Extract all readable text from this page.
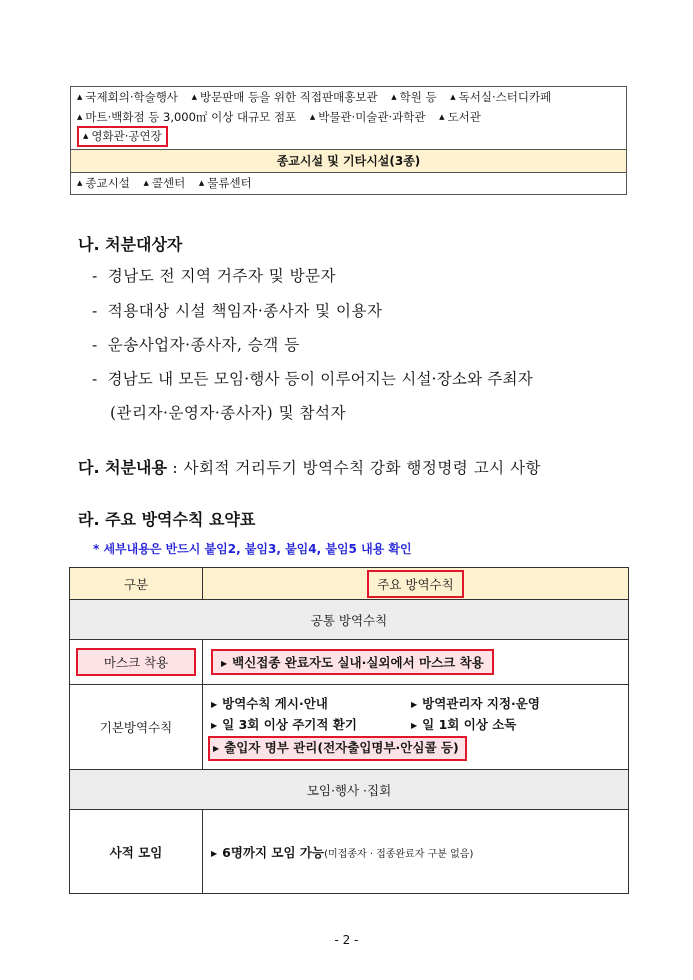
▲ 국제회의·학술행사 ▲ 방문판매 등을 위한 직접판매홍보관 ▲ 학원 등 ▲ 독서실·스터디카페
▲ 마트·백화점 등 3,000㎡ 이상 대규모 점포 ▲ 박물관·미술관·과학관 ▲ 도서관
▲ 영화관·공연장
종교시설 및 기타시설(3종)
▲ 종교시설 ▲ 콜센터 ▲ 물류센터
나. 처분대상자
- 경남도 전 지역 거주자 및 방문자
- 적용대상 시설 책임자·종사자 및 이용자
- 운송사업자·종사자, 승객 등
- 경남도 내 모든 모임·행사 등이 이루어지는 시설·장소와 주최자
(관리자·운영자·종사자) 및 참석자
다. 처분내용 : 사회적 거리두기 방역수칙 강화 행정명령 고시 사항
라. 주요 방역수칙 요약표
* 세부내용은 반드시 붙임2, 붙임3, 붙임4, 붙임5 내용 확인
구분	주요 방역수칙
공통 방역수칙	

마스크 착용	▶ 백신접종 완료자도 실내·실외에서 마스크 착용
기본방역수칙	▶ 방역수칙 게시·안내 ▶ 방역관리자 지정·운영
▶ 일 3회 이상 주기적 환기 ▶ 일 1회 이상 소독
▶ 출입자 명부 관리(전자출입명부·안심콜 등)

모임·행사 ·집회	
사적 모임	▶ 6명까지 모임 가능(미접종자 · 접종완료자 구분 없음)
- 2 -
